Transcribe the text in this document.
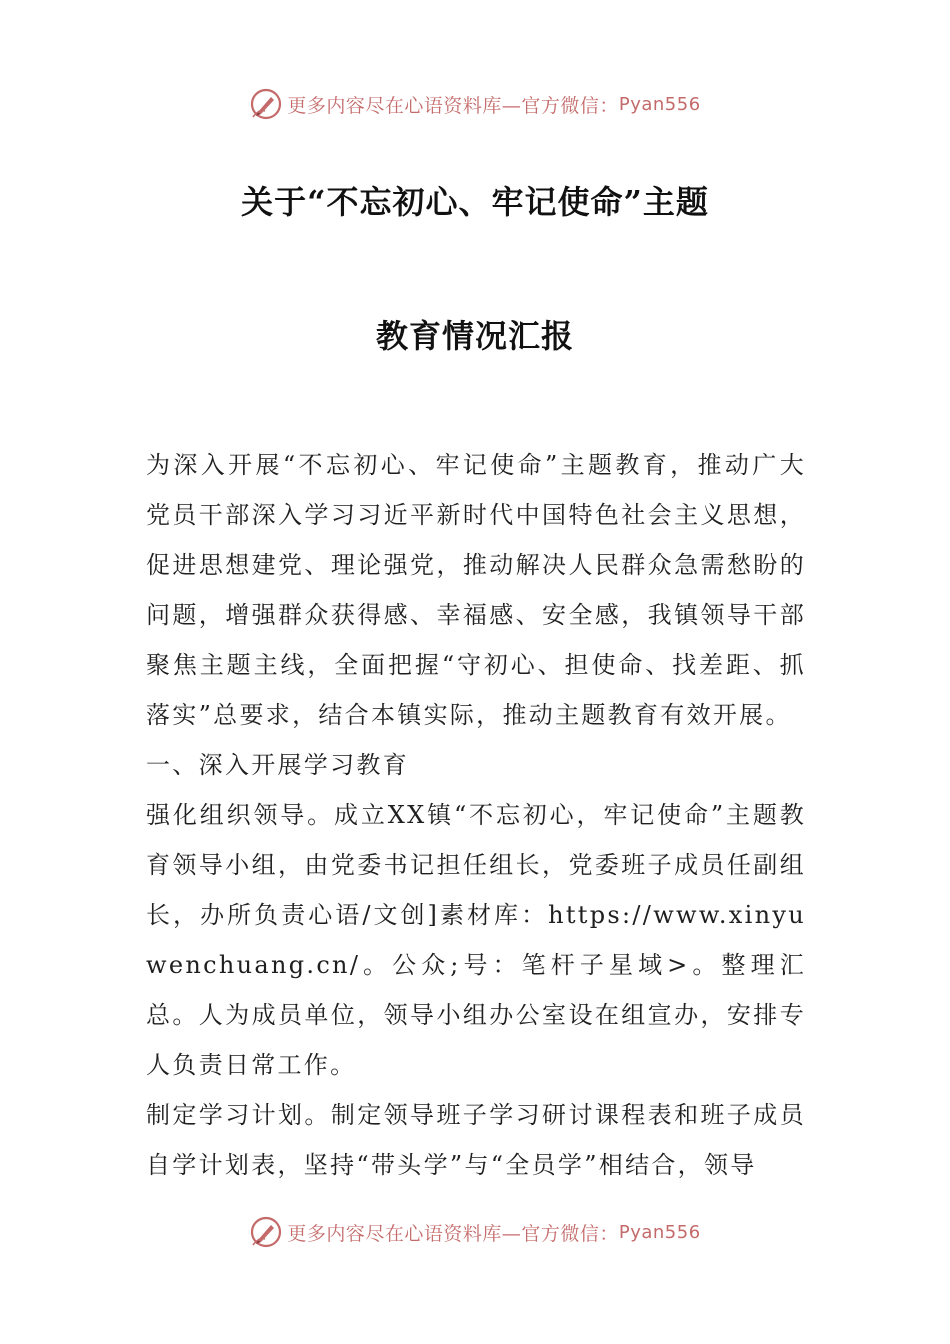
更多内容尽在心语资料库—官方微信： Pyan556
关于“不忘初心、牢记使命”主题
教育情况汇报

为深入开展“不忘初心、牢记使命”主题教育，推动广大党员干部深入学习习近平新时代中国特色社会主义思想，促进思想建党、理论强党，推动解决人民群众急需愁盼的问题，增强群众获得感、幸福感、安全感，我镇领导干部聚焦主题主线，全面把握“守初心、担使命、找差距、抓落实”总要求，结合本镇实际，推动主题教育有效开展。

一、深入开展学习教育

强化组织领导。成立XX镇“不忘初心，牢记使命”主题教育领导小组，由党委书记担任组长，党委班子成员任副组长，办所负责心语/文创]素材库：https://www.xinyuwenchuang.cn/。公众;号：笔杆子星域>。整理汇总。人为成员单位，领导小组办公室设在组宣办，安排专人负责日常工作。

制定学习计划。制定领导班子学习研讨课程表和班子成员自学计划表，坚持“带头学”与“全员学”相结合，领导

更多内容尽在心语资料库—官方微信： Pyan556
